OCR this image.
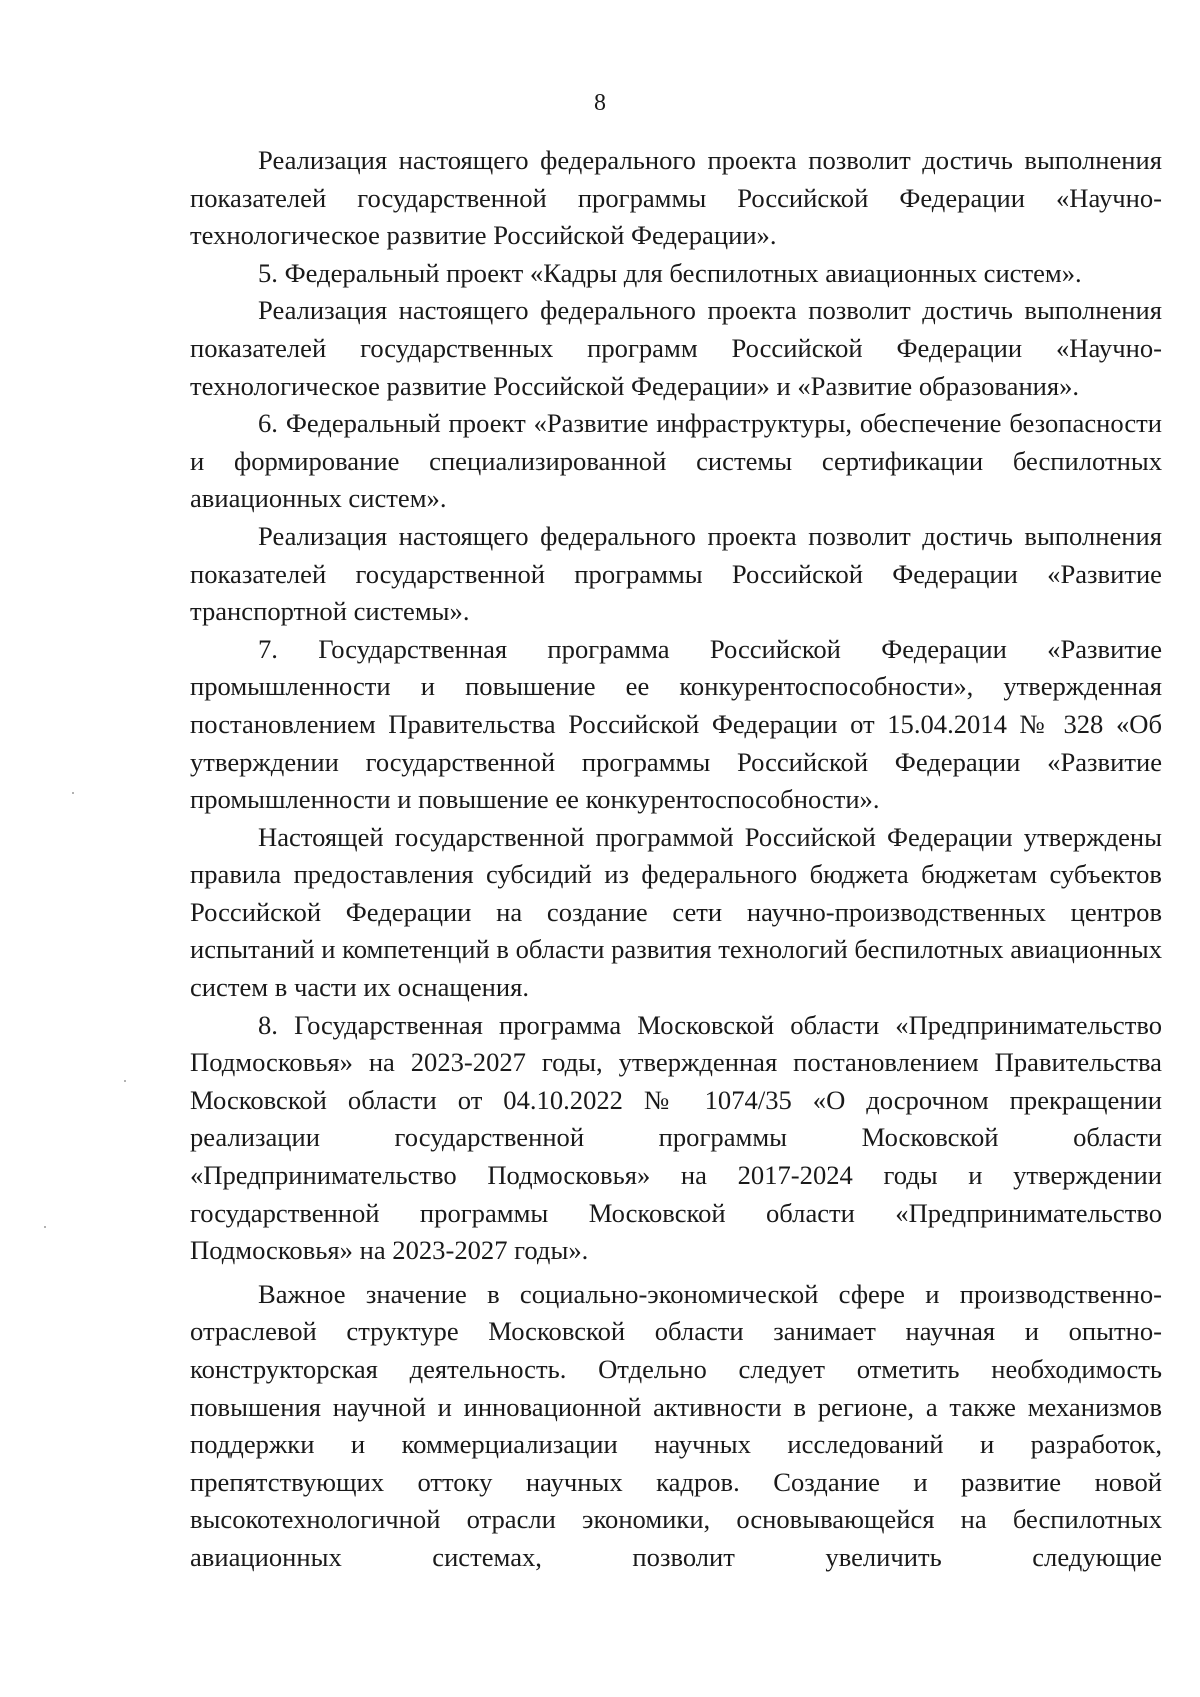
8

Реализация настоящего федерального проекта позволит достичь выполнения показателей государственной программы Российской Федерации «Научно-технологическое развитие Российской Федерации».

5. Федеральный проект «Кадры для беспилотных авиационных систем».

Реализация настоящего федерального проекта позволит достичь выполнения показателей государственных программ Российской Федерации «Научно-технологическое развитие Российской Федерации» и «Развитие образования».

6. Федеральный проект «Развитие инфраструктуры, обеспечение безопасности и формирование специализированной системы сертификации беспилотных авиационных систем».

Реализация настоящего федерального проекта позволит достичь выполнения показателей государственной программы Российской Федерации «Развитие транспортной системы».

7. Государственная программа Российской Федерации «Развитие промышленности и повышение ее конкурентоспособности», утвержденная постановлением Правительства Российской Федерации от 15.04.2014 № 328 «Об утверждении государственной программы Российской Федерации «Развитие промышленности и повышение ее конкурентоспособности».

Настоящей государственной программой Российской Федерации утверждены правила предоставления субсидий из федерального бюджета бюджетам субъектов Российской Федерации на создание сети научно-производственных центров испытаний и компетенций в области развития технологий беспилотных авиационных систем в части их оснащения.

8. Государственная программа Московской области «Предпринимательство Подмосковья» на 2023-2027 годы, утвержденная постановлением Правительства Московской области от 04.10.2022 № 1074/35 «О досрочном прекращении реализации государственной программы Московской области «Предпринимательство Подмосковья» на 2017-2024 годы и утверждении государственной программы Московской области «Предпринимательство Подмосковья» на 2023-2027 годы».

Важное значение в социально-экономической сфере и производственно-отраслевой структуре Московской области занимает научная и опытно-конструкторская деятельность. Отдельно следует отметить необходимость повышения научной и инновационной активности в регионе, а также механизмов поддержки и коммерциализации научных исследований и разработок, препятствующих оттоку научных кадров. Создание и развитие новой высокотехнологичной отрасли экономики, основывающейся на беспилотных авиационных системах, позволит увеличить следующие
